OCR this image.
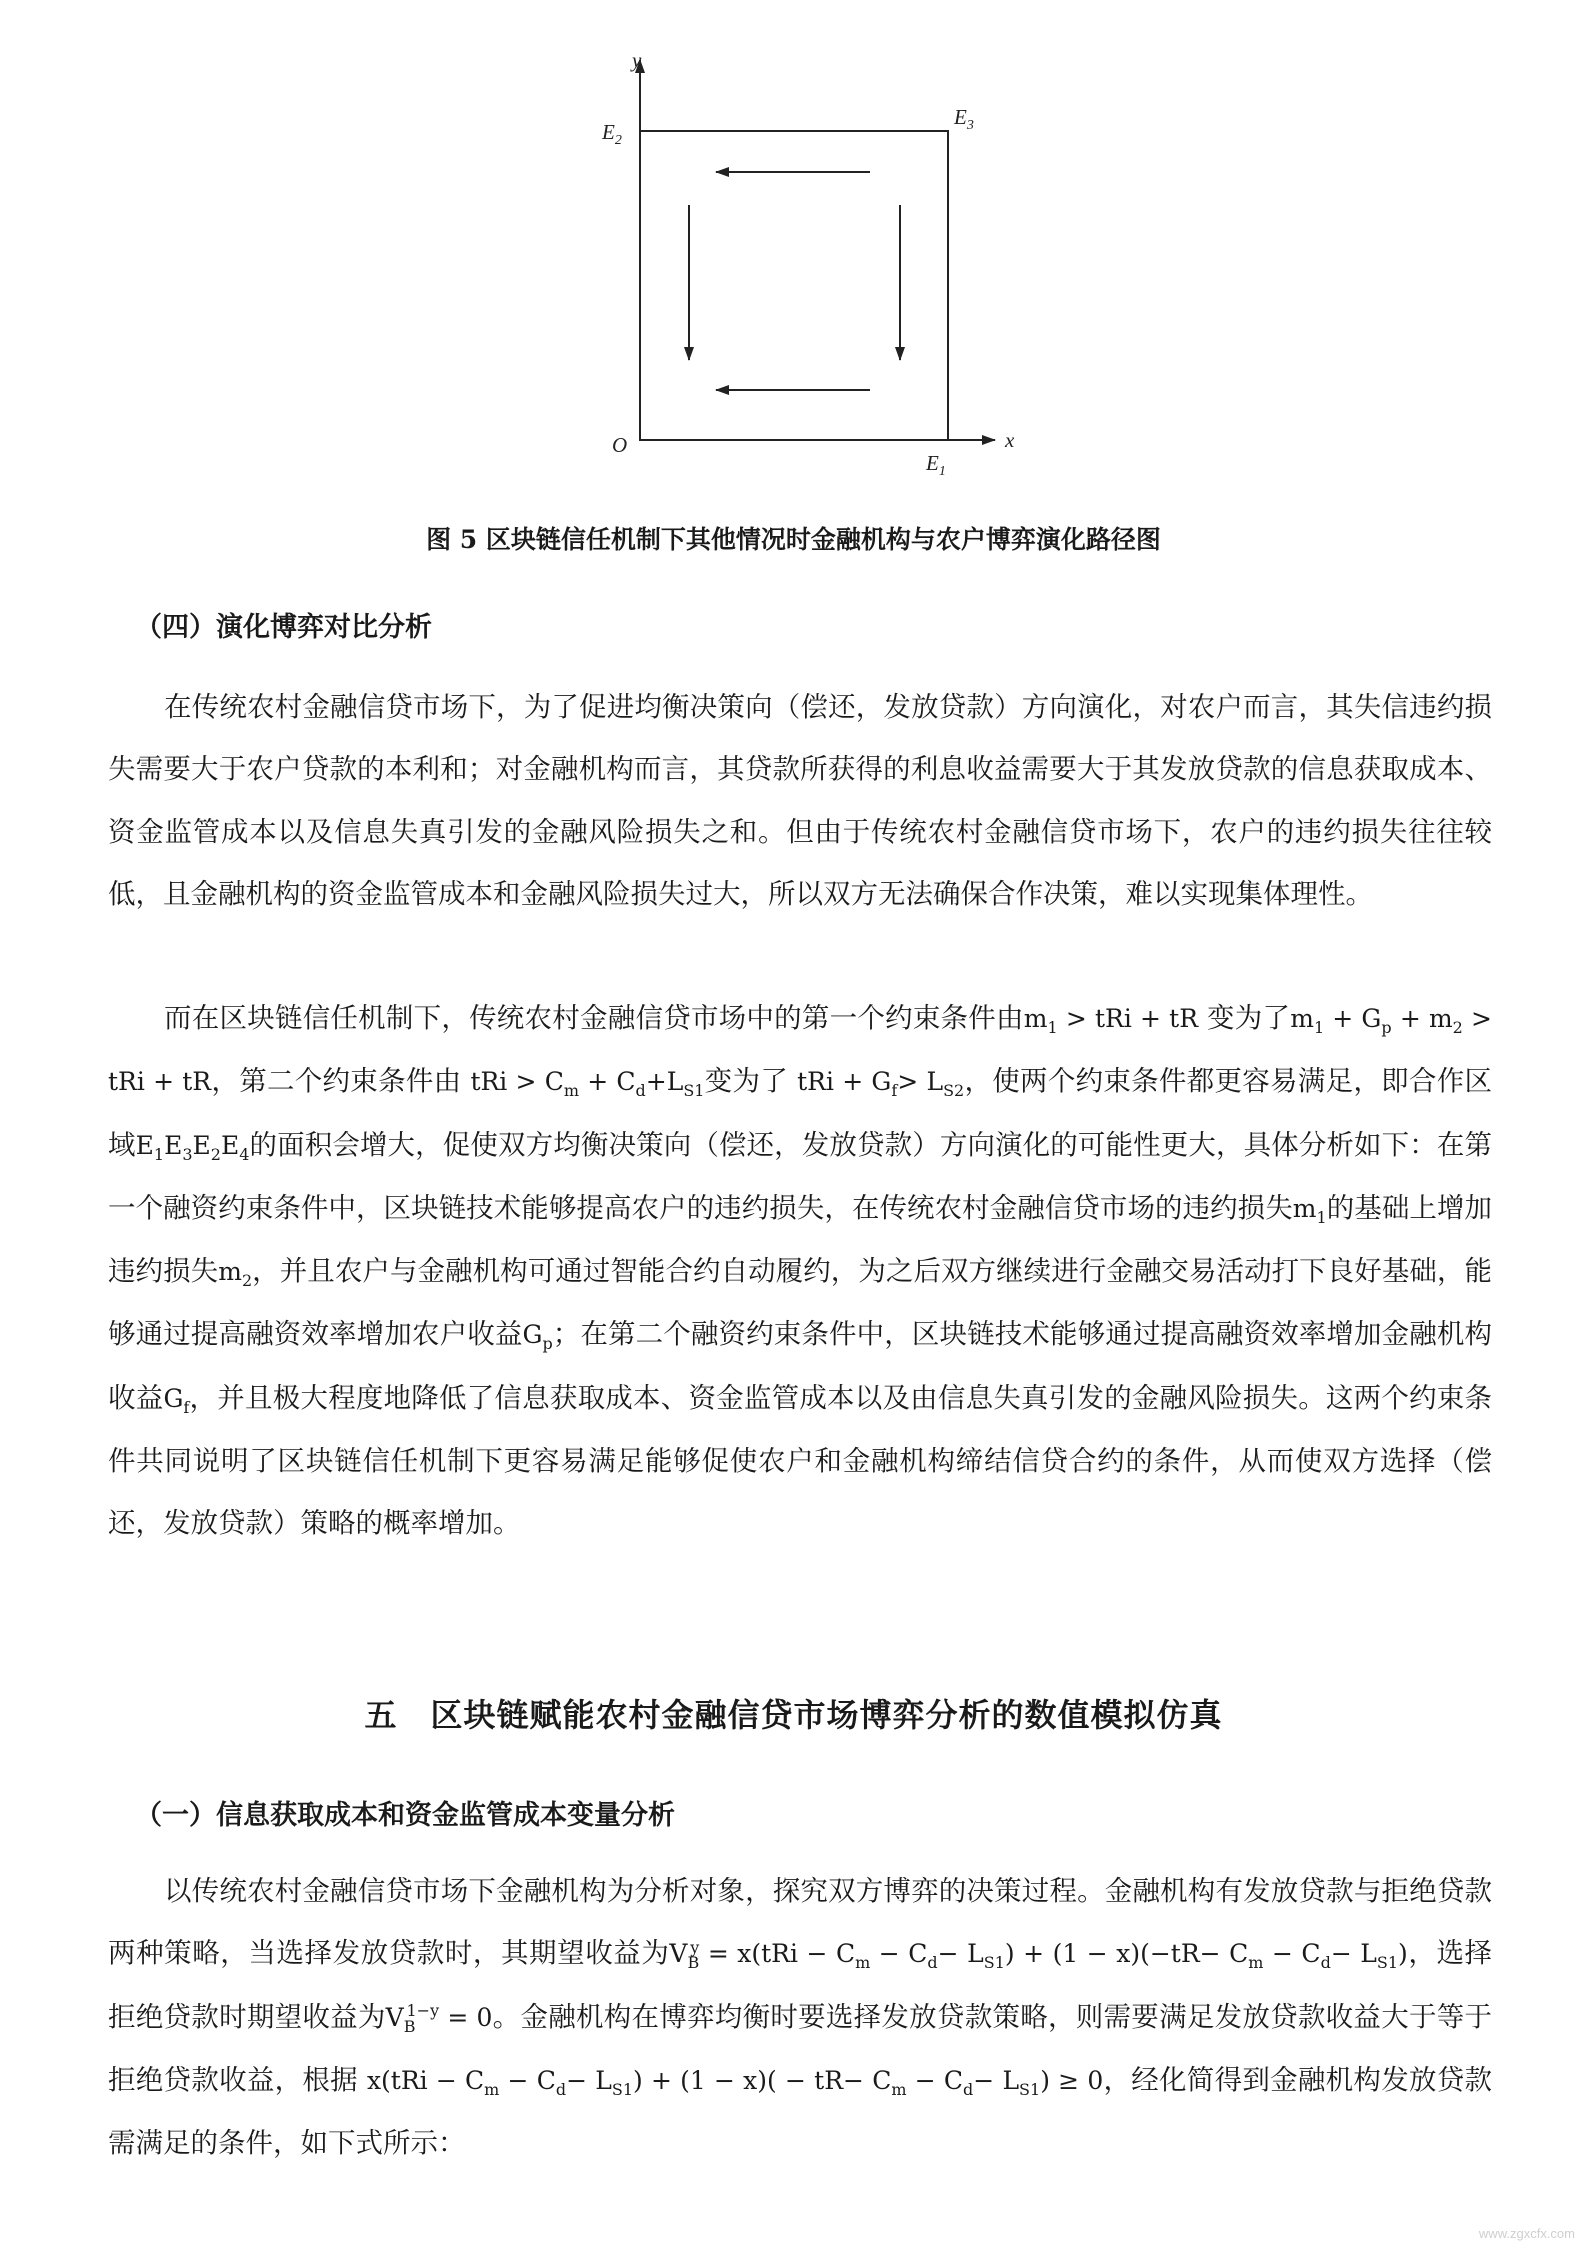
y
x
O
$E_2$
$E_3$
$E_1$
图 5 区块链信任机制下其他情况时金融机构与农户博弈演化路径图
（四）演化博弈对比分析

在传统农村金融信贷市场下，为了促进均衡决策向（偿还，发放贷款）方向演化，对农户而言，其失信违约损失需要大于农户贷款的本利和；对金融机构而言，其贷款所获得的利息收益需要大于其发放贷款的信息获取成本、资金监管成本以及信息失真引发的金融风险损失之和。但由于传统农村金融信贷市场下，农户的违约损失往往较低，且金融机构的资金监管成本和金融风险损失过大，所以双方无法确保合作决策，难以实现集体理性。

而在区块链信任机制下，传统农村金融信贷市场中的第一个约束条件由$m_1$ > tRi + tR 变为了$m_1 + G_p + m_2$ > tRi + tR，第二个约束条件由 tRi > $C_m + C_d+L_{S1}$变为了 tRi + $G_f> L_{S2}$，使两个约束条件都更容易满足，即合作区域$E_1E_3E_2E_4$的面积会增大，促使双方均衡决策向（偿还，发放贷款）方向演化的可能性更大，具体分析如下：在第一个融资约束条件中，区块链技术能够提高农户的违约损失，在传统农村金融信贷市场的违约损失$m_1$的基础上增加违约损失$m_2$，并且农户与金融机构可通过智能合约自动履约，为之后双方继续进行金融交易活动打下良好基础，能够通过提高融资效率增加农户收益$G_p$；在第二个融资约束条件中，区块链技术能够通过提高融资效率增加金融机构收益$G_f$，并且极大程度地降低了信息获取成本、资金监管成本以及由信息失真引发的金融风险损失。这两个约束条件共同说明了区块链信任机制下更容易满足能够促使农户和金融机构缔结信贷合约的条件，从而使双方选择（偿还，发放贷款）策略的概率增加。

五　区块链赋能农村金融信贷市场博弈分析的数值模拟仿真
（一）信息获取成本和资金监管成本变量分析

以传统农村金融信贷市场下金融机构为分析对象，探究双方博弈的决策过程。金融机构有发放贷款与拒绝贷款两种策略，当选择发放贷款时，其期望收益为$V_B^y = x(tRi - C_m - C_d- L_{S1}) + (1 - x)(-tR- C_m - C_d- L_{S1})$，选择拒绝贷款时期望收益为$V_B^{1-y} = 0$。金融机构在博弈均衡时要选择发放贷款策略，则需要满足发放贷款收益大于等于拒绝贷款收益，根据 $x(tRi - C_m - C_d- L_{S1}) + (1 - x)( - tR- C_m - C_d- L_{S1}) \ge 0$，经化简得到金融机构发放贷款需满足的条件，如下式所示：

www.zgxcfx.com
